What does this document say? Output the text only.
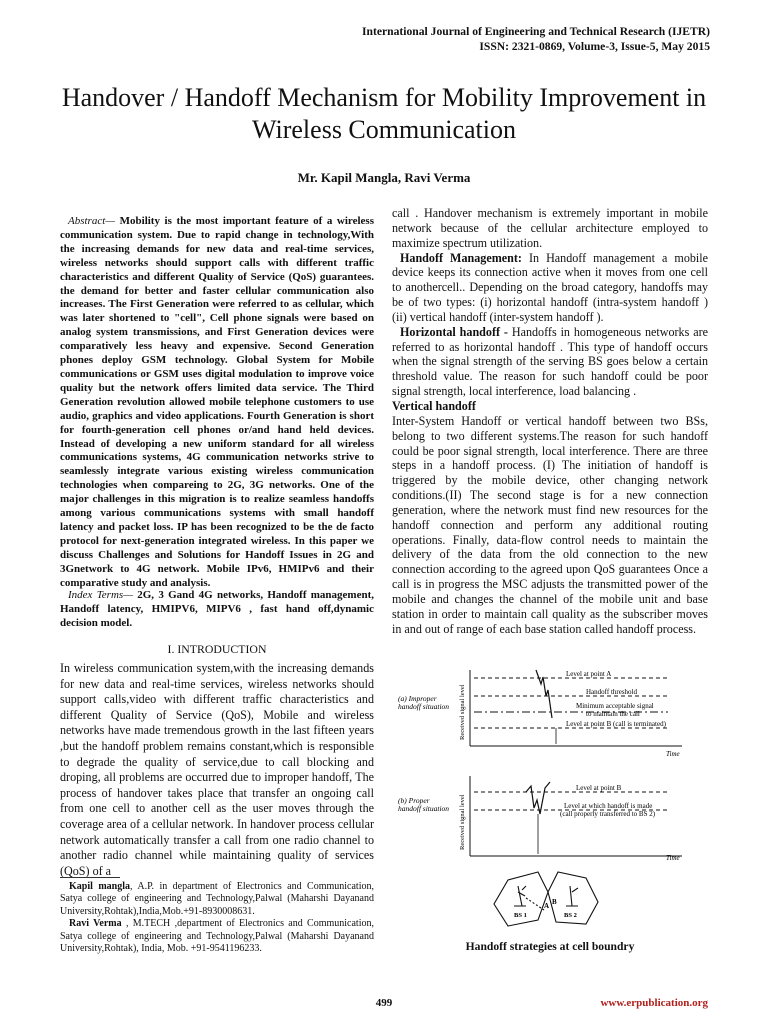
International Journal of Engineering and Technical Research (IJETR)
ISSN: 2321-0869, Volume-3, Issue-5, May 2015
Handover / Handoff Mechanism for Mobility Improvement in Wireless Communication
Mr. Kapil Mangla, Ravi Verma
Abstract— Mobility is the most important feature of a wireless communication system. Due to rapid change in technology,With the increasing demands for new data and real-time services, wireless networks should support calls with different traffic characteristics and different Quality of Service (QoS) guarantees. the demand for better and faster cellular communication also increases. The First Generation were referred to as cellular, which was later shortened to "cell", Cell phone signals were based on analog system transmissions, and First Generation devices were comparatively less heavy and expensive. Second Generation phones deploy GSM technology. Global System for Mobile communications or GSM uses digital modulation to improve voice quality but the network offers limited data service. The Third Generation revolution allowed mobile telephone customers to use audio, graphics and video applications. Fourth Generation is short for fourth-generation cell phones or/and hand held devices. Instead of developing a new uniform standard for all wireless communications systems, 4G communication networks strive to seamlessly integrate various existing wireless communication technologies when compareing to 2G, 3G networks. One of the major challenges in this migration is to realize seamless handoffs among various communications systems with small handoff latency and packet loss. IP has been recognized to be the de facto protocol for next-generation integrated wireless. In this paper we discuss Challenges and Solutions for Handoff Issues in 2G and 3Gnetwork to 4G network. Mobile IPv6, HMIPv6 and their comparative study and analysis.
Index Terms— 2G, 3 Gand 4G networks, Handoff management, Handoff latency, HMIPV6, MIPV6 , fast hand off,dynamic decision model.
I. INTRODUCTION
In wireless communication system,with the increasing demands for new data and real-time services, wireless networks should support calls,video with different traffic characteristics and different Quality of Service (QoS), Mobile and wireless networks have made tremendous growth in the last fifteen years ,but the handoff problem remains constant,which is responsible to degrade the quality of service,due to call blocking and droping, all problems are occurred due to improper handoff, The process of handover takes place that transfer an ongoing call from one cell to another cell as the user moves through the coverage area of a cellular network. In handover process cellular network automatically transfer a call from one radio channel to another radio channel while maintaining quality of services (QoS) of a

Kapil mangla, A.P. in department of Electronics and Communication, Satya college of engineering and Technology,Palwal (Maharshi Dayanand University,Rohtak),India,Mob.+91-8930008631.

Ravi Verma , M.TECH ,department of Electronics and Communication, Satya college of engineering and Technology,Palwal (Maharshi Dayanand University,Rohtak), India, Mob. +91-9541196233.

call . Handover mechanism is extremely important in mobile network because of the cellular architecture employed to maximize spectrum utilization.

Handoff Management: In Handoff management a mobile device keeps its connection active when it moves from one cell to anothercell.. Depending on the broad category, handoffs may be of two types: (i) horizontal handoff (intra-system handoff ) (ii) vertical handoff (inter-system handoff ).

Horizontal handoff - Handoffs in homogeneous networks are referred to as horizontal handoff . This type of handoff occurs when the signal strength of the serving BS goes below a certain threshold value. The reason for such handoff could be poor signal strength, local interference, load balancing .

Vertical handoff

Inter-System Handoff or vertical handoff between two BSs, belong to two different systems.The reason for such handoff could be poor signal strength, local interference. There are three steps in a handoff process. (I) The initiation of handoff is triggered by the mobile device, other changing network conditions.(II) The second stage is for a new connection generation, where the network must find new resources for the handoff connection and perform any additional routing operations. Finally, data-flow control needs to maintain the delivery of the data from the old connection to the new connection according to the agreed upon QoS guarantees Once a call is in progress the MSC adjusts the transmitted power of the mobile and changes the channel of the mobile unit and base station in order to maintain call quality as the subscriber moves in and out of range of each base station called handoff process.

(a) Improper
handoff situation Received signal level
Level at point A
Handoff threshold
Minimum acceptable signal
to maintain the call
Level at point B (call is terminated)
Time
(b) Proper
handoff situation Received signal level
Level at point B
Level at which handoff is made
(call properly transferred to BS 2)
Time
BS 1	BS 2
A B
Handoff strategies at cell boundry
499	www.erpublication.org
